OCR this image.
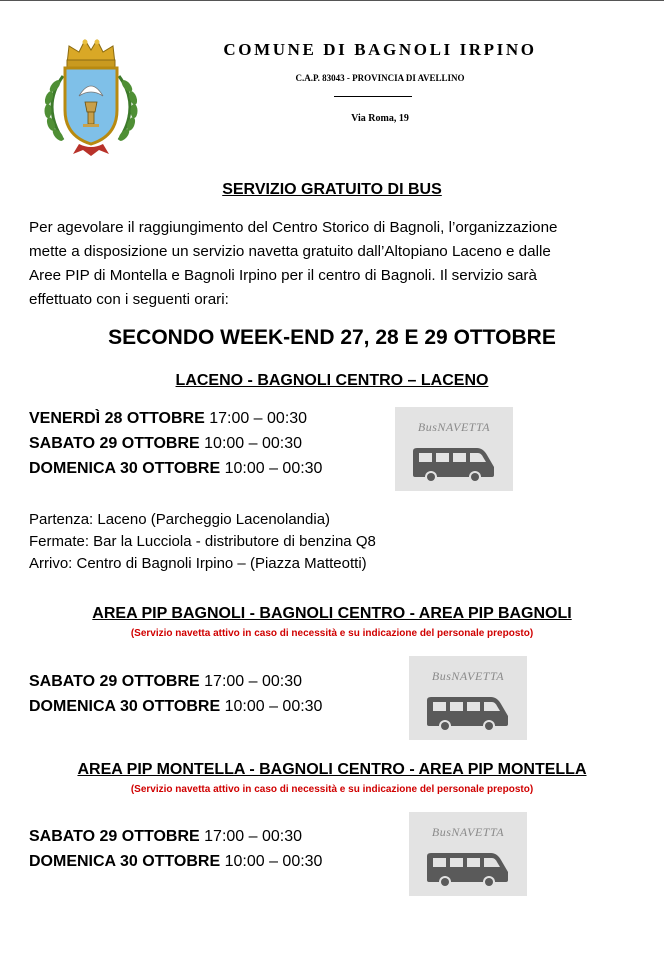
COMUNE DI BAGNOLI IRPINO
C.A.P. 83043 - PROVINCIA DI AVELLINO
Via Roma, 19
SERVIZIO GRATUITO DI BUS

Per agevolare il raggiungimento del Centro Storico di Bagnoli, l’organizzazione

mette a disposizione un servizio navetta gratuito dall’Altopiano Laceno e dalle

Aree PIP di Montella e Bagnoli Irpino per il centro di Bagnoli. Il servizio sarà

effettuato con i seguenti orari:

SECONDO WEEK-END 27, 28 E 29 OTTOBRE
LACENO - BAGNOLI CENTRO – LACENO
VENERDÌ 28 OTTOBRE 17:00 – 00:30
SABATO 29 OTTOBRE 10:00 – 00:30
DOMENICA 30 OTTOBRE 10:00 – 00:30
BusNAVETTA
Partenza: Laceno (Parcheggio Lacenolandia)
Fermate: Bar la Lucciola - distributore di benzina Q8
Arrivo: Centro di Bagnoli Irpino – (Piazza Matteotti)
AREA PIP BAGNOLI - BAGNOLI CENTRO - AREA PIP BAGNOLI
(Servizio navetta attivo in caso di necessità e su indicazione del personale preposto)
SABATO 29 OTTOBRE 17:00 – 00:30
DOMENICA 30 OTTOBRE 10:00 – 00:30
BusNAVETTA
AREA PIP MONTELLA - BAGNOLI CENTRO - AREA PIP MONTELLA
(Servizio navetta attivo in caso di necessità e su indicazione del personale preposto)
SABATO 29 OTTOBRE 17:00 – 00:30
DOMENICA 30 OTTOBRE 10:00 – 00:30
BusNAVETTA
